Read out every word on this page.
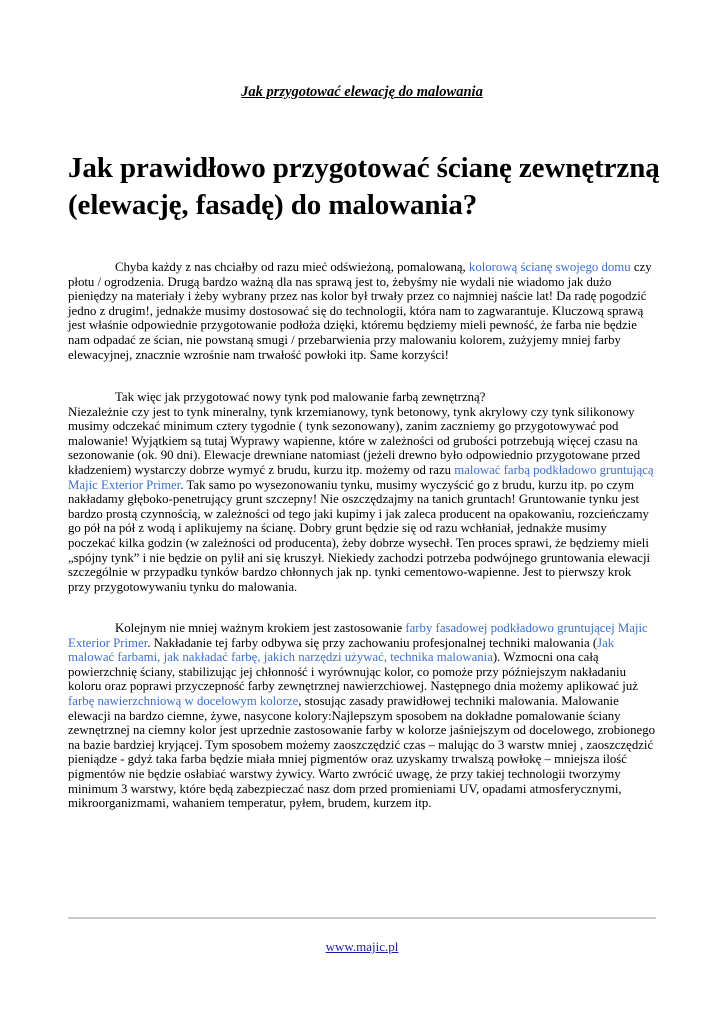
Jak przygotować elewację do malowania
Jak prawidłowo przygotować ścianę zewnętrzną (elewację, fasadę) do malowania?

Chyba każdy z nas chciałby od razu mieć odświeżoną, pomalowaną, kolorową ścianę swojego domu czy płotu / ogrodzenia. Drugą bardzo ważną dla nas sprawą jest to, żebyśmy nie wydali nie wiadomo jak dużo pieniędzy na materiały i żeby wybrany przez nas kolor był trwały przez co najmniej naście lat! Da radę pogodzić jedno z drugim!, jednakże musimy dostosować się do technologii, która nam to zagwarantuje. Kluczową sprawą jest właśnie odpowiednie przygotowanie podłoża dzięki, któremu będziemy mieli pewność, że farba nie będzie nam odpadać ze ścian, nie powstaną smugi / przebarwienia przy malowaniu kolorem, zużyjemy mniej farby elewacyjnej, znacznie wzrośnie nam trwałość powłoki itp. Same korzyści!

Tak więc jak przygotować nowy tynk pod malowanie farbą zewnętrzną?
Niezależnie czy jest to tynk mineralny, tynk krzemianowy, tynk betonowy, tynk akrylowy czy tynk silikonowy musimy odczekać minimum cztery tygodnie ( tynk sezonowany), zanim zaczniemy go przygotowywać pod malowanie! Wyjątkiem są tutaj Wyprawy wapienne, które w zależności od grubości potrzebują więcej czasu na sezonowanie (ok. 90 dni). Elewacje drewniane natomiast (jeżeli drewno było odpowiednio przygotowane przed kładzeniem) wystarczy dobrze wymyć z brudu, kurzu itp. możemy od razu malować farbą podkładowo gruntującą Majic Exterior Primer. Tak samo po wysezonowaniu tynku, musimy wyczyścić go z brudu, kurzu itp. po czym nakładamy głęboko-penetrujący grunt szczepny! Nie oszczędzajmy na tanich gruntach! Gruntowanie tynku jest bardzo prostą czynnością, w zależności od tego jaki kupimy i jak zaleca producent na opakowaniu, rozcieńczamy go pół na pół z wodą i aplikujemy na ścianę. Dobry grunt będzie się od razu wchłaniał, jednakże musimy poczekać kilka godzin (w zależności od producenta), żeby dobrze wysechł. Ten proces sprawi, że będziemy mieli „spójny tynk” i nie będzie on pylił ani się kruszył. Niekiedy zachodzi potrzeba podwójnego gruntowania elewacji szczególnie w przypadku tynków bardzo chłonnych jak np. tynki cementowo-wapienne. Jest to pierwszy krok przy przygotowywaniu tynku do malowania.

Kolejnym nie mniej ważnym krokiem jest zastosowanie farby fasadowej podkładowo gruntującej Majic Exterior Primer. Nakładanie tej farby odbywa się przy zachowaniu profesjonalnej techniki malowania (Jak malować farbami, jak nakładać farbę, jakich narzędzi używać, technika malowania). Wzmocni ona całą powierzchnię ściany, stabilizując jej chłonność i wyrównując kolor, co pomoże przy późniejszym nakładaniu koloru oraz poprawi przyczepność farby zewnętrznej nawierzchiowej. Następnego dnia możemy aplikować już farbę nawierzchniową w docelowym kolorze, stosując zasady prawidłowej techniki malowania. Malowanie elewacji na bardzo ciemne, żywe, nasycone kolory:Najlepszym sposobem na dokładne pomalowanie ściany zewnętrznej na ciemny kolor jest uprzednie zastosowanie farby w kolorze jaśniejszym od docelowego, zrobionego na bazie bardziej kryjącej. Tym sposobem możemy zaoszczędzić czas – malując do 3 warstw mniej , zaoszczędzić pieniądze - gdyż taka farba będzie miała mniej pigmentów oraz uzyskamy trwalszą powłokę – mniejsza ilość pigmentów nie będzie osłabiać warstwy żywicy. Warto zwrócić uwagę, że przy takiej technologii tworzymy minimum 3 warstwy, które będą zabezpieczać nasz dom przed promieniami UV, opadami atmosferycznymi, mikroorganizmami, wahaniem temperatur, pyłem, brudem, kurzem itp.

www.majic.pl
